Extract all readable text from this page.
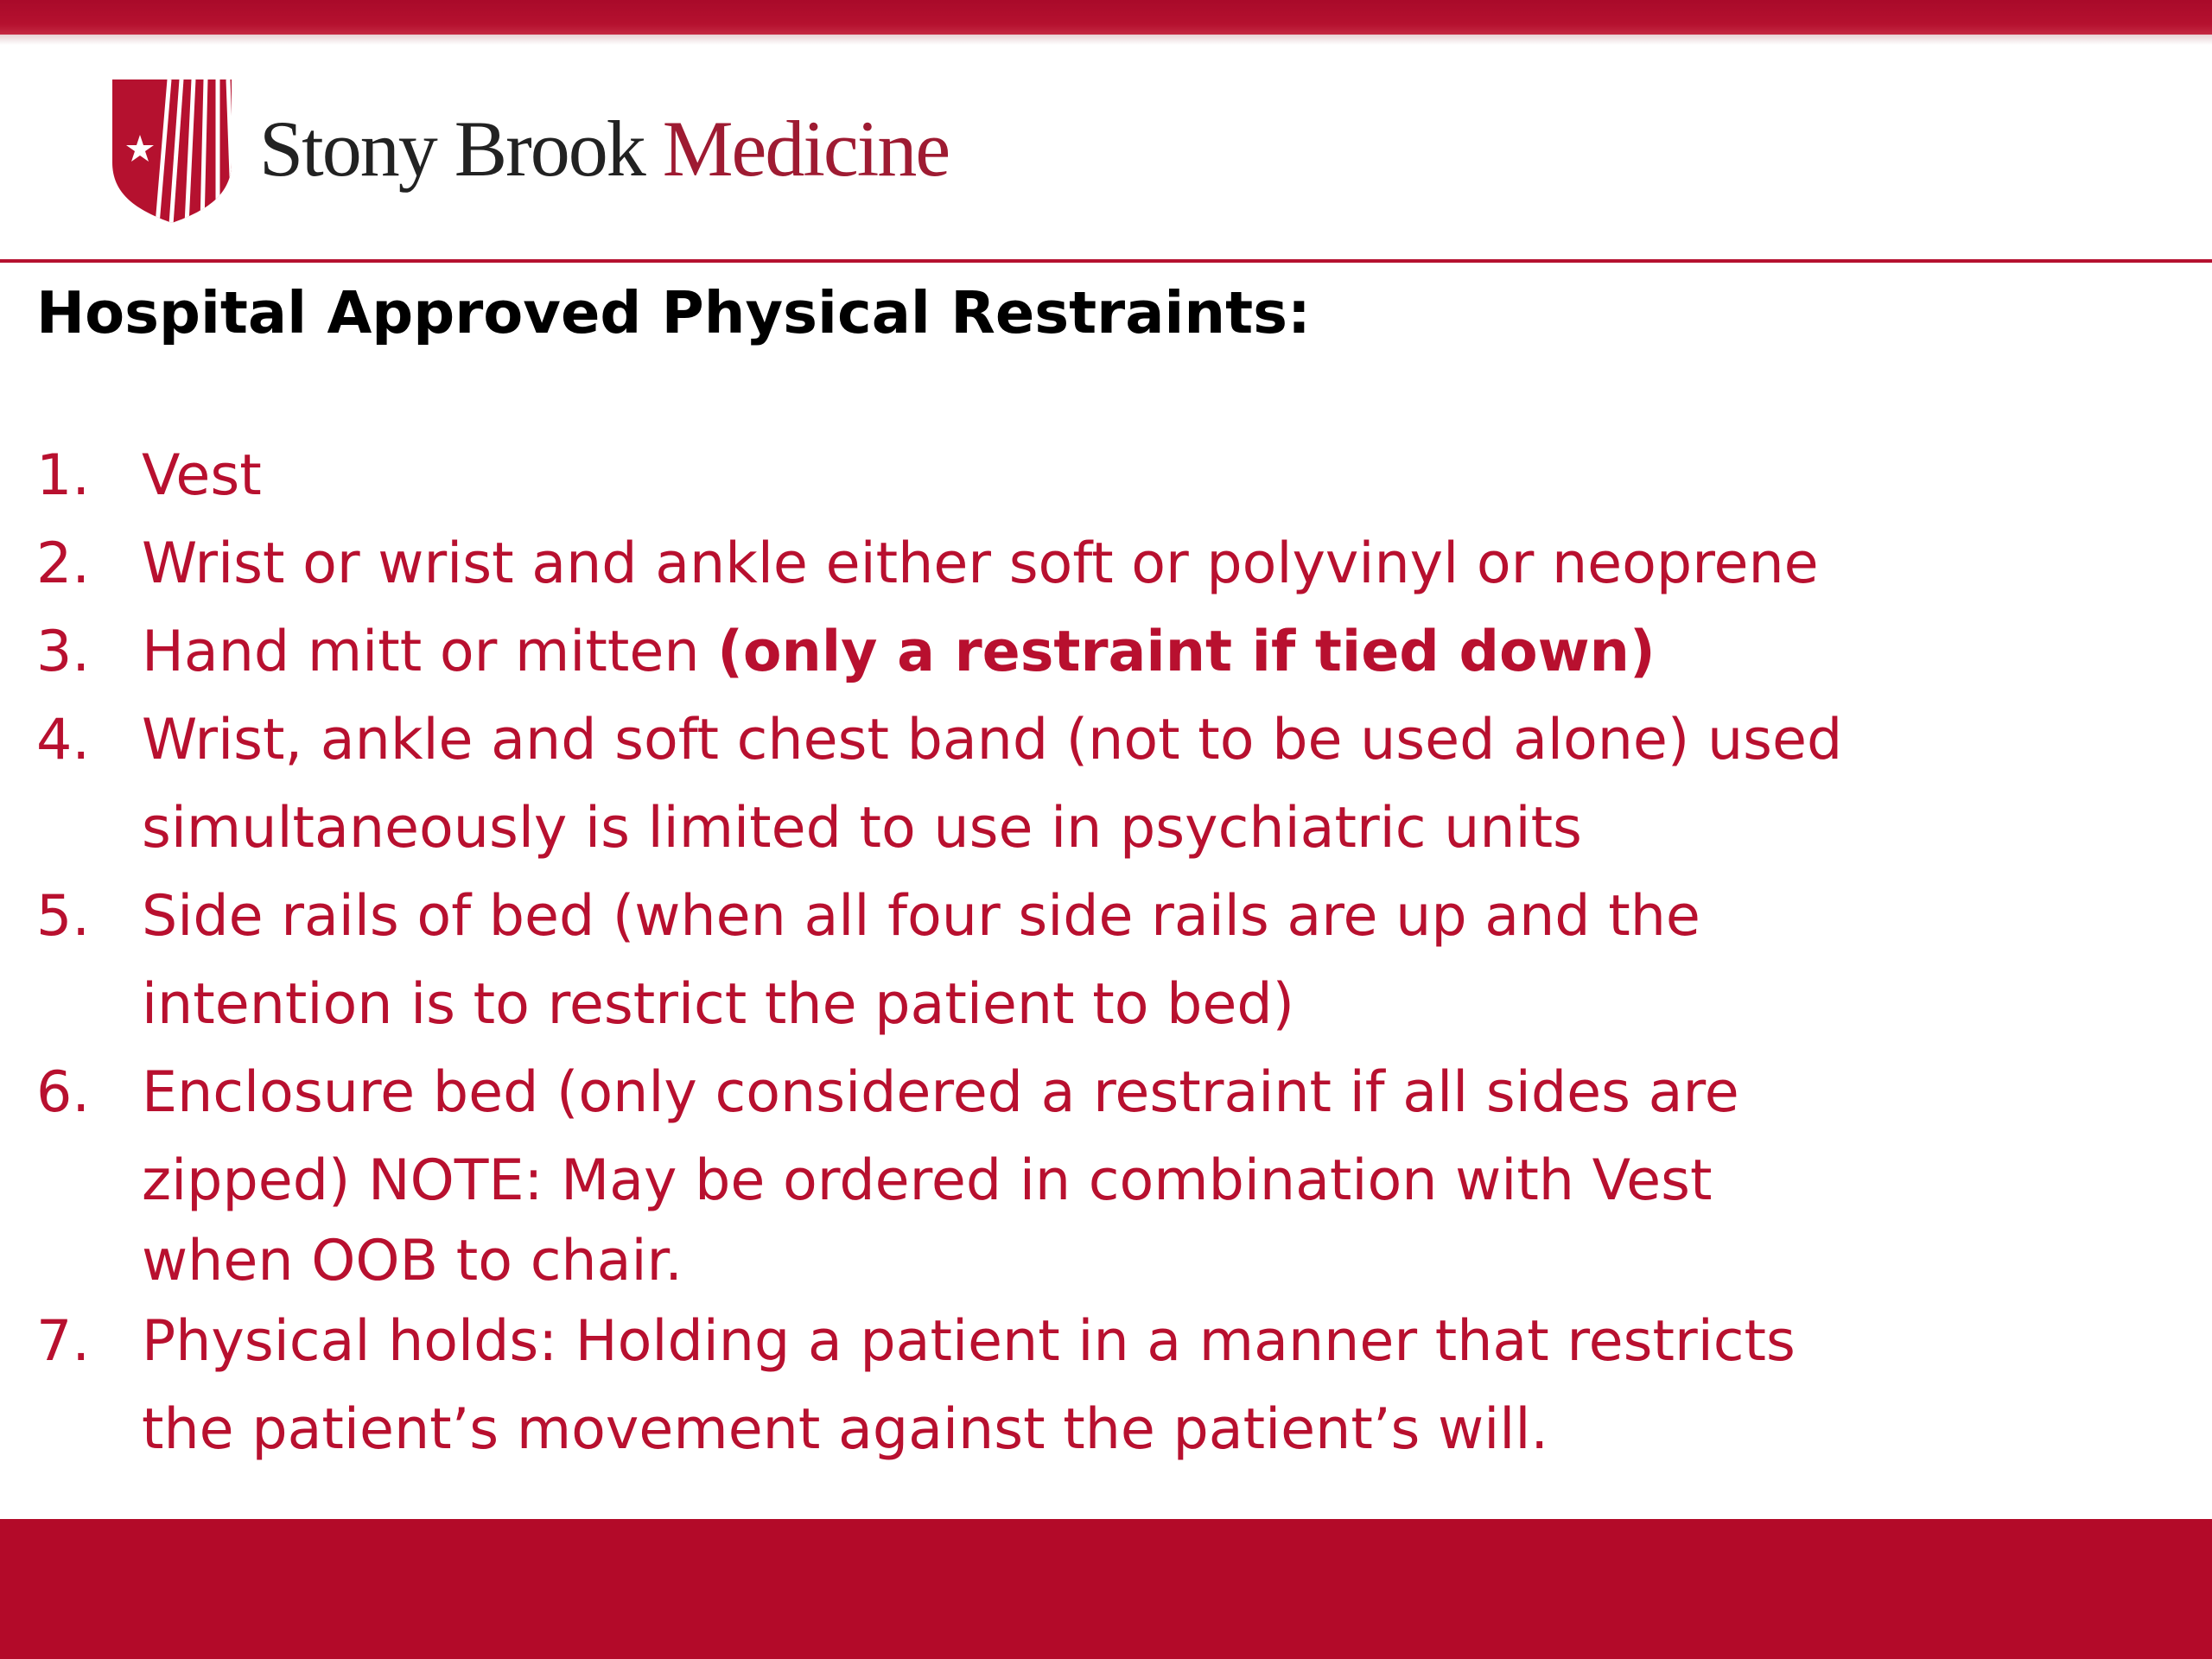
Stony Brook Medicine
Hospital Approved Physical Restraints:
1. Vest
2. Wrist or wrist and ankle either soft or polyvinyl or neoprene
3. Hand mitt or mitten (only a restraint if tied down)
4. Wrist, ankle and soft chest band (not to be used alone) used
simultaneously is limited to use in psychiatric units
5. Side rails of bed (when all four side rails are up and the
intention is to restrict the patient to bed)
6. Enclosure bed (only considered a restraint if all sides are
zipped) NOTE: May be ordered in combination with Vest
when OOB to chair.
7. Physical holds: Holding a patient in a manner that restricts
the patient’s movement against the patient’s will.
